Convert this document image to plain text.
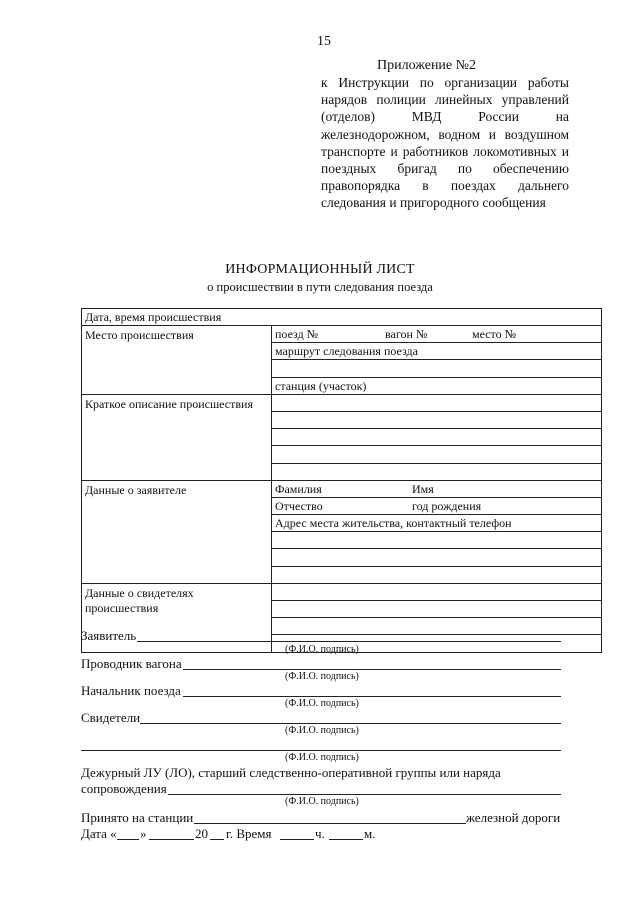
15
Приложение №2
к Инструкции по организации работы нарядов полиции линейных управлений (отделов) МВД России на железнодорожном, водном и воздушном транспорте и работников локомотивных и поездных бригад по обеспечению правопорядка в поездах дальнего следования и пригородного сообщения
ИНФОРМАЦИОННЫЙ ЛИСТ
о происшествии в пути следования поезда
Дата, время происшествия	
Место происшествия	поезд № вагон № место №
маршрут следования поезда
станция (участок)

Краткое описание происшествия	

Данные о заявителе	Фамилия Имя
Отчество год рождения
Адрес места жительства, контактный телефон

Данные о свидетелях происшествия	
Заявитель
(Ф.И.О. подпись)
Проводник вагона
(Ф.И.О. подпись)
Начальник поезда
(Ф.И.О. подпись)
Свидетели
(Ф.И.О. подпись)
(Ф.И.О. подпись)
Дежурный ЛУ (ЛО), старший следственно-оперативной группы или наряда
сопровождения
(Ф.И.О. подпись)
Принято на станции	железной дороги
Дата « »	20 г. Время	ч.	м.
